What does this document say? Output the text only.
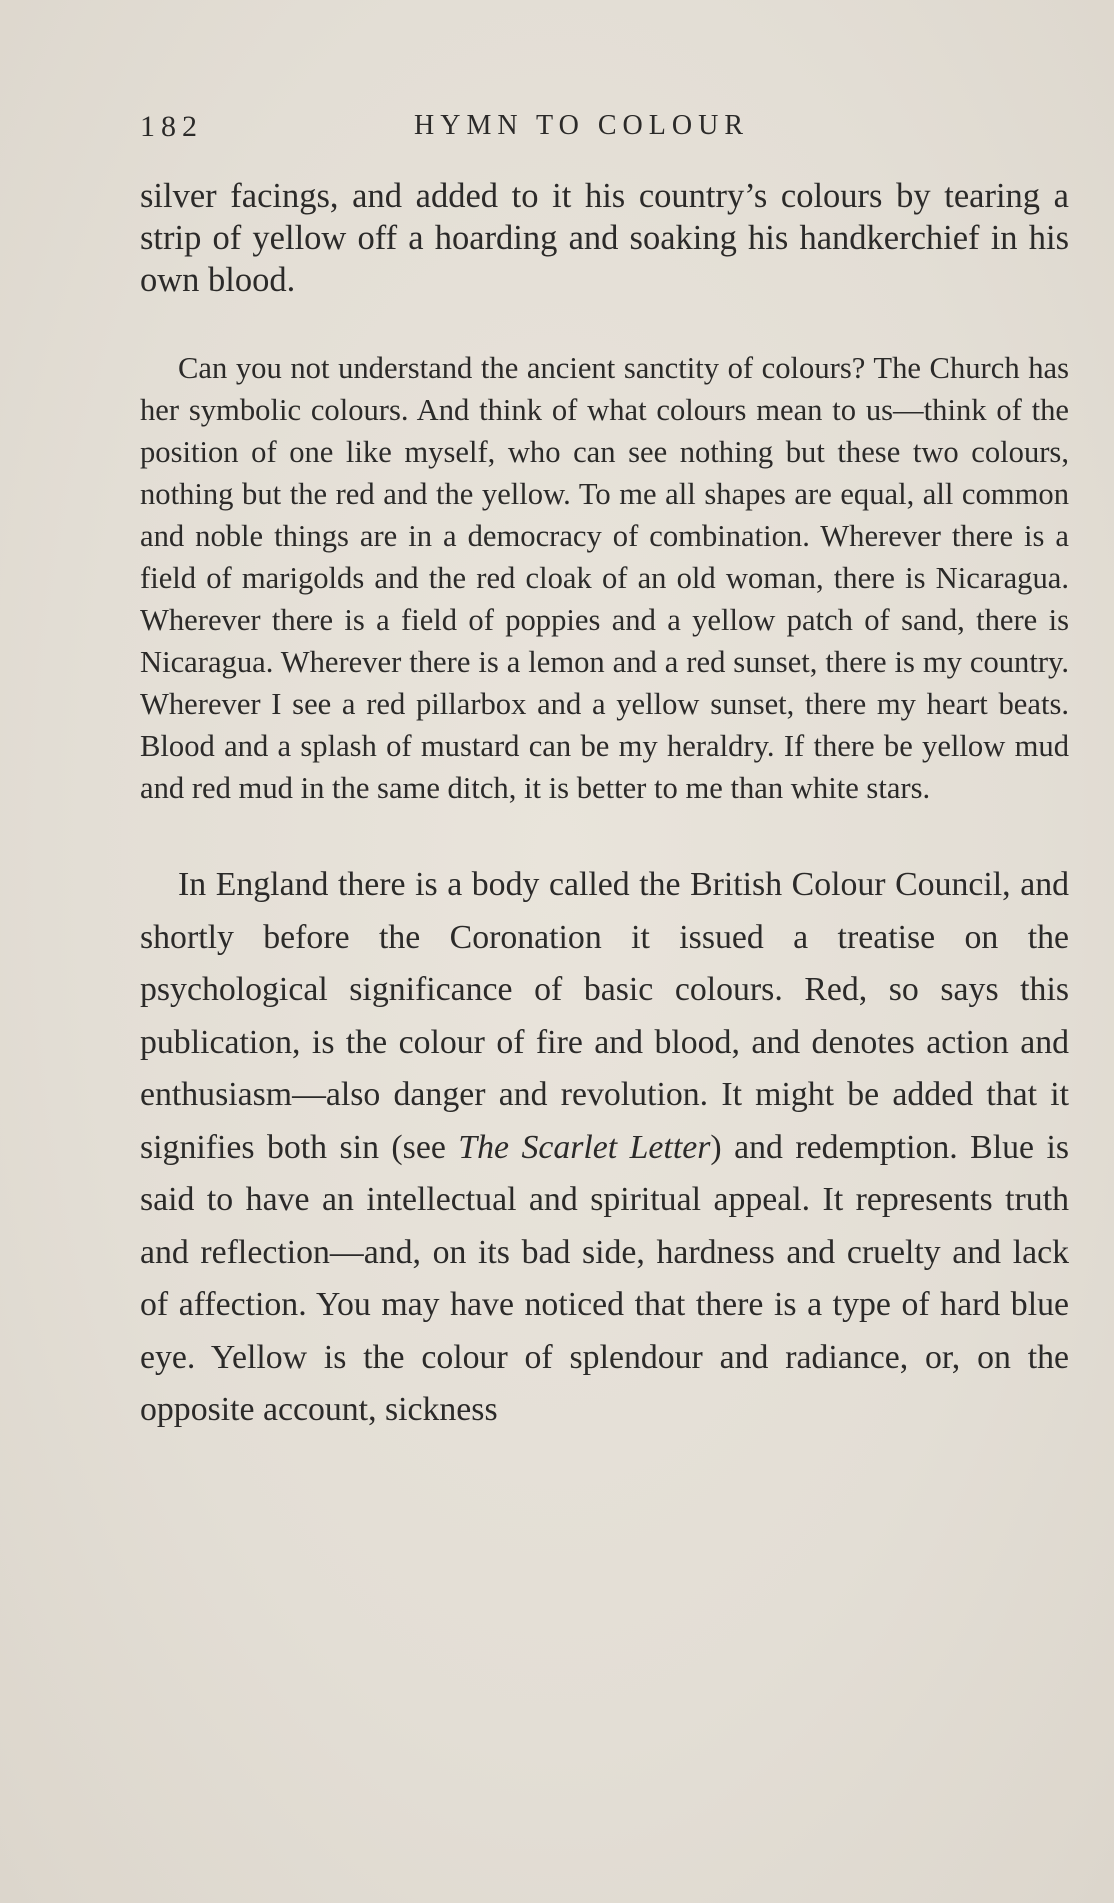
182	HYMN TO COLOUR

silver facings, and added to it his country’s colours by tearing a strip of yellow off a hoarding and soaking his handkerchief in his own blood.

Can you not understand the ancient sanctity of colours? The Church has her symbolic colours. And think of what colours mean to us—think of the position of one like myself, who can see nothing but these two colours, nothing but the red and the yellow. To me all shapes are equal, all common and noble things are in a democracy of combination. Wherever there is a field of marigolds and the red cloak of an old woman, there is Nicaragua. Wherever there is a field of poppies and a yellow patch of sand, there is Nicaragua. Wherever there is a lemon and a red sunset, there is my country. Wherever I see a red pillarbox and a yellow sunset, there my heart beats. Blood and a splash of mustard can be my heraldry. If there be yellow mud and red mud in the same ditch, it is better to me than white stars.

In England there is a body called the British Colour Council, and shortly before the Coronation it issued a treatise on the psychological significance of basic colours. Red, so says this publication, is the colour of fire and blood, and denotes action and enthusiasm—also danger and revolution. It might be added that it signifies both sin (see The Scarlet Letter) and redemption. Blue is said to have an intellectual and spiritual appeal. It represents truth and reflection—and, on its bad side, hardness and cruelty and lack of affection. You may have noticed that there is a type of hard blue eye. Yellow is the colour of splendour and radiance, or, on the opposite account, sickness
